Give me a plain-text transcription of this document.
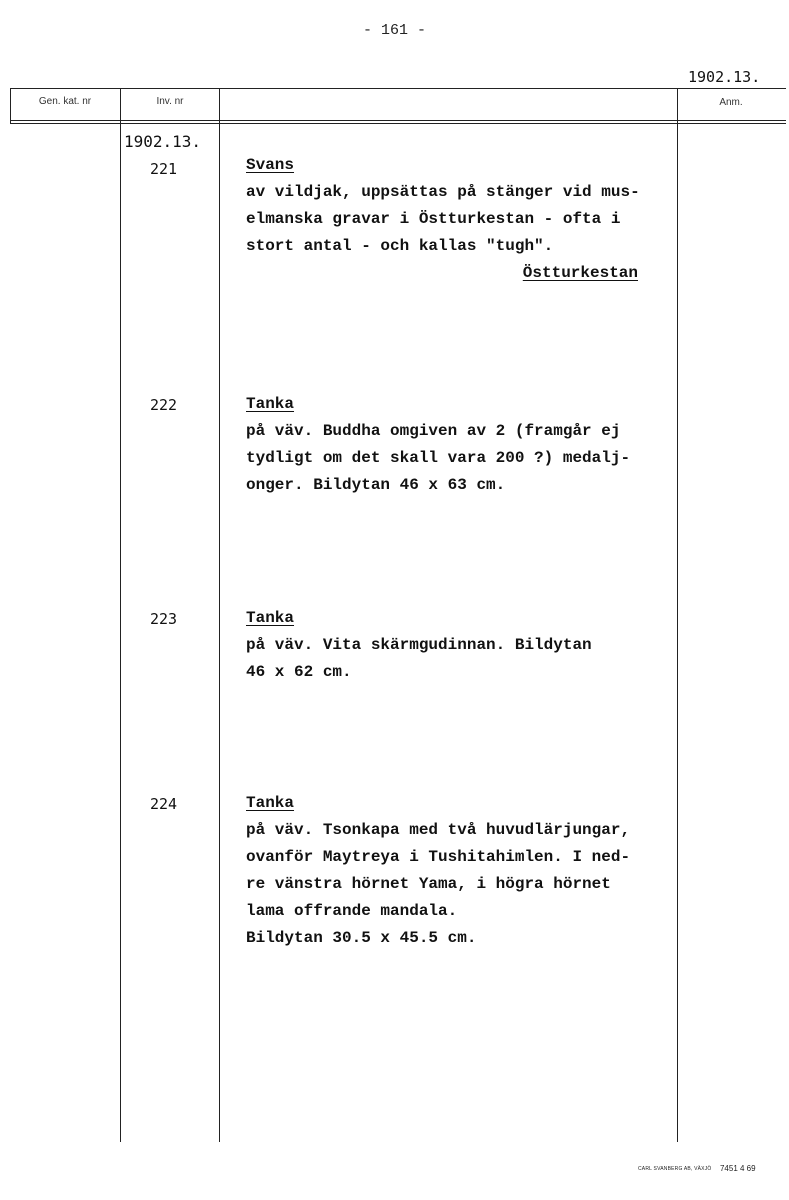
- 161 -
1902.13.
Gen. kat. nr	Inv. nr	Anm.
1902.13.
221	Svans
av vildjak, uppsättas på stänger vid mus-
elmanska gravar i Östturkestan - ofta i
stort antal - och kallas "tugh".
Östturkestan
222	Tanka
på väv. Buddha omgiven av 2 (framgår ej
tydligt om det skall vara 200 ?) medalj-
onger. Bildytan 46 x 63 cm.
223	Tanka
på väv. Vita skärmgudinnan. Bildytan
46 x 62 cm.
224	Tanka
på väv. Tsonkapa med två huvudlärjungar,
ovanför Maytreya i Tushitahimlen. I ned-
re vänstra hörnet Yama, i högra hörnet
lama offrande mandala.
Bildytan 30.5 x 45.5 cm.
CARL SVANBERG AB, VÄXJÖ 7451 4 69
